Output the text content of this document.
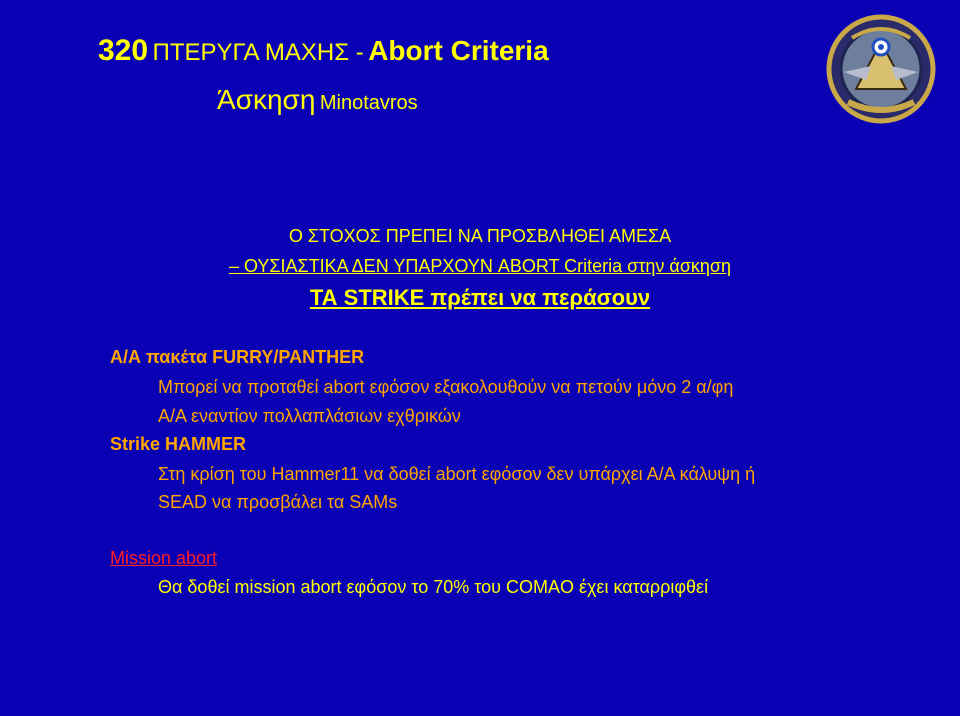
320 ΠΤΕΡΥΓΑ ΜΑΧΗΣ - Abort Criteria
Άσκηση Minotavros
Ο ΣΤΟΧΟΣ ΠΡΕΠΕΙ ΝΑ ΠΡΟΣΒΛΗΘΕΙ ΑΜΕΣΑ
– ΟΥΣΙΑΣΤΙΚΑ ΔΕΝ ΥΠΑΡΧΟΥΝ ABORT Criteria στην άσκηση
ΤΑ STRIKE πρέπει να περάσουν
Α/Α πακέτα FURRY/PANTHER
Μπορεί να προταθεί abort εφόσον εξακολουθούν να πετούν μόνο 2 α/φη
Α/Α εναντίον πολλαπλάσιων εχθρικών
Strike HAMMER
Στη κρίση του Hammer11 να δοθεί abort εφόσον δεν υπάρχει Α/Α κάλυψη ή
SEAD να προσβάλει τα SAMs
Mission abort
Θα δοθεί mission abort εφόσον το 70% του COMAO έχει καταρριφθεί
